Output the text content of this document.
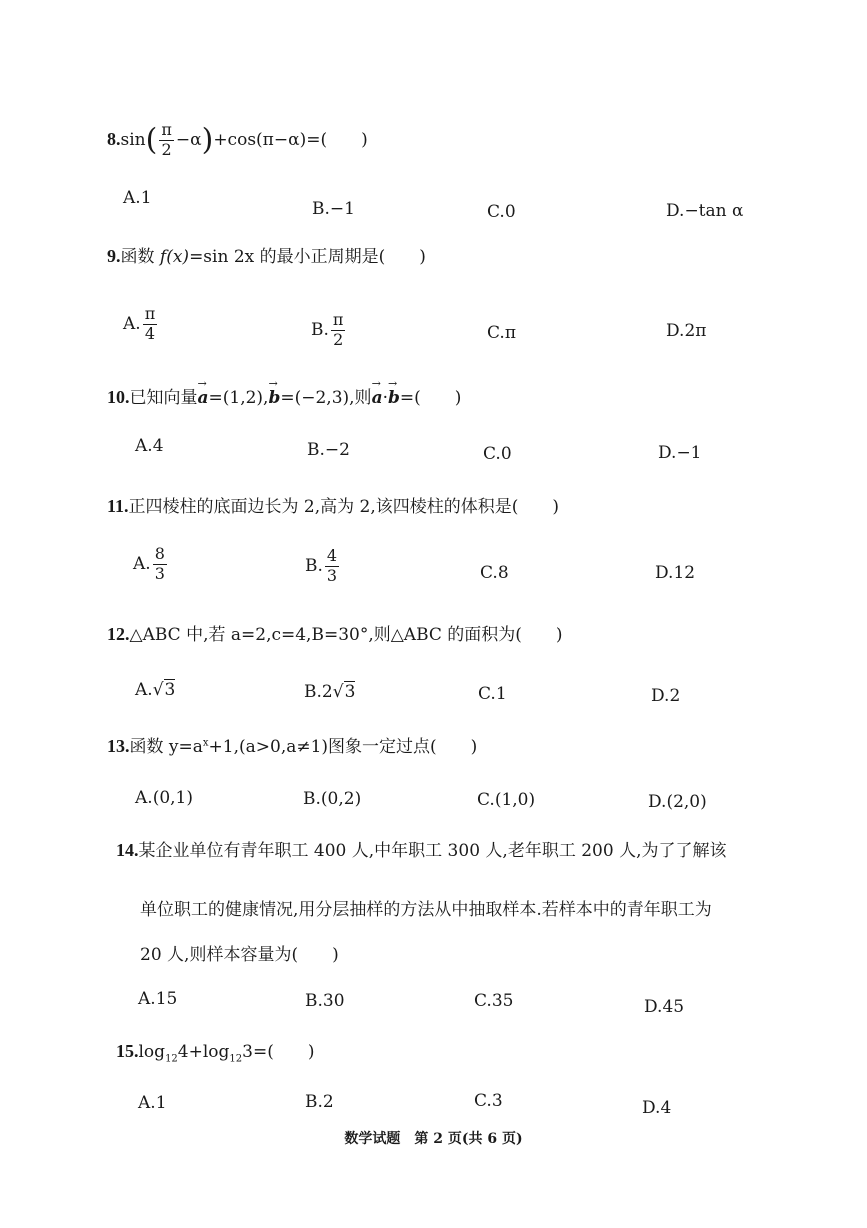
$8.\sin( \frac{\pi}{2} -\alpha)+\cos(\pi-\alpha)=$(　　)
A.1
B.−1	C.0	D.−tan α
9.函数 f(x)=sin 2x 的最小正周期是(　　)
A. $\frac{\pi}{4}$	B. $\frac{\pi}{2}$	C.π	D.2π
10.已知向量→ a=(1,2),→ b=(−2,3),则→ a·→ b=(　　)
A.4	B.−2	C.0	D.−1
11.正四棱柱的底面边长为 2,高为 2,该四棱柱的体积是(　　)
A. $\frac{8}{3}$	B. $\frac{4}{3}$	C.8	D.12
12.△ABC 中,若 a=2,c=4,B=30°,则△ABC 的面积为(　　)
A.√3	B.2√3	C.1	D.2
13.函数 $y=a^x+1,(a>0,a\ne 1)$图象一定过点(　　)
A.(0,1)	B.(0,2)	C.(1,0)	D.(2,0)
14.某企业单位有青年职工 400 人,中年职工 300 人,老年职工 200 人,为了了解该
单位职工的健康情况,用分层抽样的方法从中抽取样本.若样本中的青年职工为
20 人,则样本容量为(　　)
A.15	B.30	C.35	D.45
$15.\log_{12}4+\log_{12}3=$(　　)
A.1	B.2	C.3	D.4
数学试题　第 2 页(共 6 页)
